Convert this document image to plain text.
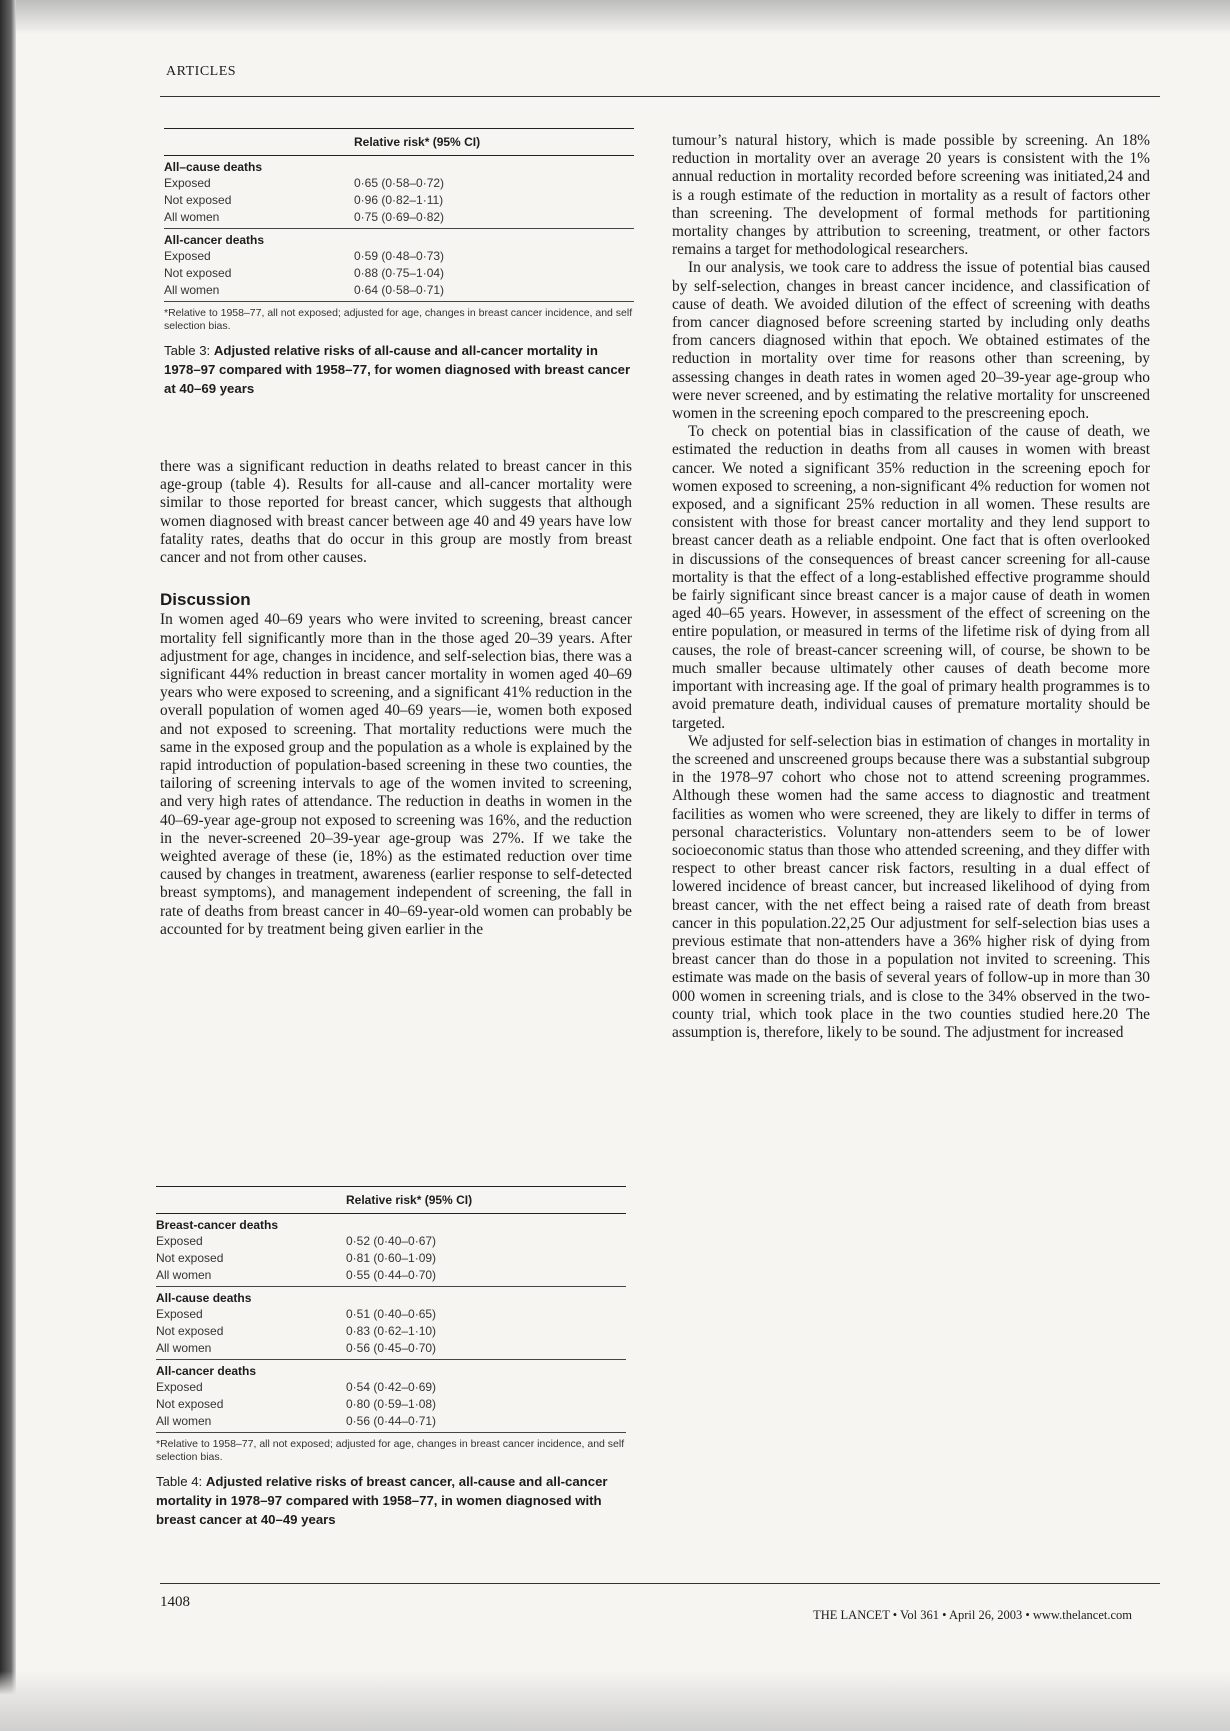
ARTICLES
Relative risk* (95% CI)
All–cause deaths
Exposed	0·65 (0·58–0·72)
Not exposed	0·96 (0·82–1·11)
All women	0·75 (0·69–0·82)
All-cancer deaths
Exposed	0·59 (0·48–0·73)
Not exposed	0·88 (0·75–1·04)
All women	0·64 (0·58–0·71)
*Relative to 1958–77, all not exposed; adjusted for age, changes in breast cancer incidence, and self selection bias.
Table 3: Adjusted relative risks of all-cause and all-cancer mortality in 1978–97 compared with 1958–77, for women diagnosed with breast cancer at 40–69 years

there was a significant reduction in deaths related to breast cancer in this age-group (table 4). Results for all-cause and all-cancer mortality were similar to those reported for breast cancer, which suggests that although women diagnosed with breast cancer between age 40 and 49 years have low fatality rates, deaths that do occur in this group are mostly from breast cancer and not from other causes.

Discussion

In women aged 40–69 years who were invited to screening, breast cancer mortality fell significantly more than in the those aged 20–39 years. After adjustment for age, changes in incidence, and self-selection bias, there was a significant 44% reduction in breast cancer mortality in women aged 40–69 years who were exposed to screening, and a significant 41% reduction in the overall population of women aged 40–69 years—ie, women both exposed and not exposed to screening. That mortality reductions were much the same in the exposed group and the population as a whole is explained by the rapid introduction of population-based screening in these two counties, the tailoring of screening intervals to age of the women invited to screening, and very high rates of attendance. The reduction in deaths in women in the 40–69-year age-group not exposed to screening was 16%, and the reduction in the never-screened 20–39-year age-group was 27%. If we take the weighted average of these (ie, 18%) as the estimated reduction over time caused by changes in treatment, awareness (earlier response to self-detected breast symptoms), and management independent of screening, the fall in rate of deaths from breast cancer in 40–69-year-old women can probably be accounted for by treatment being given earlier in the

Relative risk* (95% CI)
Breast-cancer deaths
Exposed	0·52 (0·40–0·67)
Not exposed	0·81 (0·60–1·09)
All women	0·55 (0·44–0·70)
All-cause deaths
Exposed	0·51 (0·40–0·65)
Not exposed	0·83 (0·62–1·10)
All women	0·56 (0·45–0·70)
All-cancer deaths
Exposed	0·54 (0·42–0·69)
Not exposed	0·80 (0·59–1·08)
All women	0·56 (0·44–0·71)
*Relative to 1958–77, all not exposed; adjusted for age, changes in breast cancer incidence, and self selection bias.
Table 4: Adjusted relative risks of breast cancer, all-cause and all-cancer mortality in 1978–97 compared with 1958–77, in women diagnosed with breast cancer at 40–49 years

tumour’s natural history, which is made possible by screening. An 18% reduction in mortality over an average 20 years is consistent with the 1% annual reduction in mortality recorded before screening was initiated,24 and is a rough estimate of the reduction in mortality as a result of factors other than screening. The development of formal methods for partitioning mortality changes by attribution to screening, treatment, or other factors remains a target for methodological researchers.

In our analysis, we took care to address the issue of potential bias caused by self-selection, changes in breast cancer incidence, and classification of cause of death. We avoided dilution of the effect of screening with deaths from cancer diagnosed before screening started by including only deaths from cancers diagnosed within that epoch. We obtained estimates of the reduction in mortality over time for reasons other than screening, by assessing changes in death rates in women aged 20–39-year age-group who were never screened, and by estimating the relative mortality for unscreened women in the screening epoch compared to the prescreening epoch.

To check on potential bias in classification of the cause of death, we estimated the reduction in deaths from all causes in women with breast cancer. We noted a significant 35% reduction in the screening epoch for women exposed to screening, a non-significant 4% reduction for women not exposed, and a significant 25% reduction in all women. These results are consistent with those for breast cancer mortality and they lend support to breast cancer death as a reliable endpoint. One fact that is often overlooked in discussions of the consequences of breast cancer screening for all-cause mortality is that the effect of a long-established effective programme should be fairly significant since breast cancer is a major cause of death in women aged 40–65 years. However, in assessment of the effect of screening on the entire population, or measured in terms of the lifetime risk of dying from all causes, the role of breast-cancer screening will, of course, be shown to be much smaller because ultimately other causes of death become more important with increasing age. If the goal of primary health programmes is to avoid premature death, individual causes of premature mortality should be targeted.

We adjusted for self-selection bias in estimation of changes in mortality in the screened and unscreened groups because there was a substantial subgroup in the 1978–97 cohort who chose not to attend screening programmes. Although these women had the same access to diagnostic and treatment facilities as women who were screened, they are likely to differ in terms of personal characteristics. Voluntary non-attenders seem to be of lower socioeconomic status than those who attended screening, and they differ with respect to other breast cancer risk factors, resulting in a dual effect of lowered incidence of breast cancer, but increased likelihood of dying from breast cancer, with the net effect being a raised rate of death from breast cancer in this population.22,25 Our adjustment for self-selection bias uses a previous estimate that non-attenders have a 36% higher risk of dying from breast cancer than do those in a population not invited to screening. This estimate was made on the basis of several years of follow-up in more than 30 000 women in screening trials, and is close to the 34% observed in the two-county trial, which took place in the two counties studied here.20 The assumption is, therefore, likely to be sound. The adjustment for increased

1408
THE LANCET • Vol 361 • April 26, 2003 • www.thelancet.com
